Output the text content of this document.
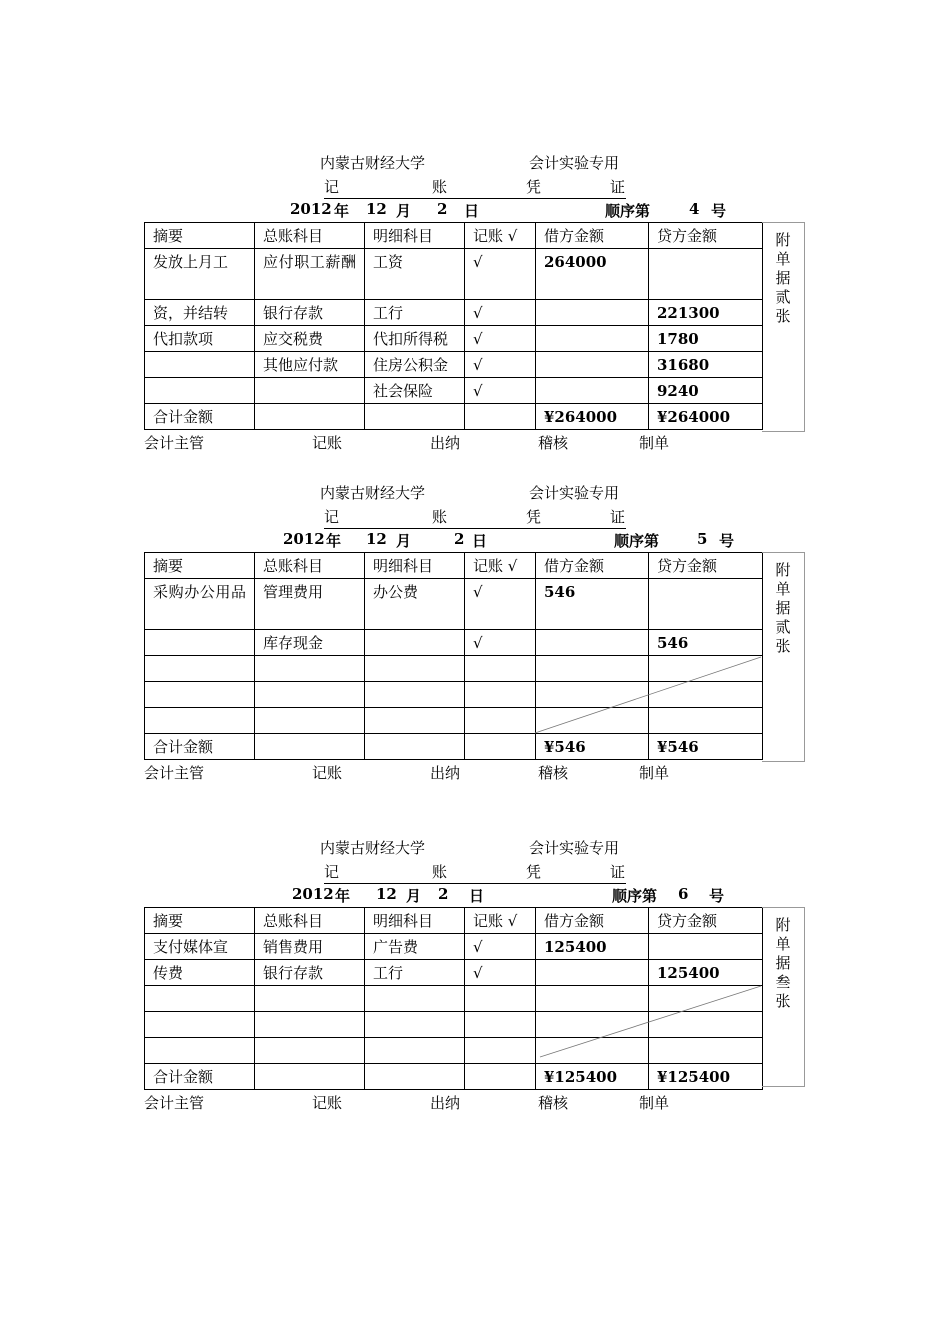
内蒙古财经大学	会计实验专用
记	账	凭	证
2012 年 12 月 2 日	顺序第	4 号
摘要	总账科目	明细科目	记账 √	借方金额	贷方金额
发放上月工	应付职工薪酬	工资	√	264000	
资，并结转	银行存款	工行	√		221300
代扣款项	应交税费	代扣所得税	√		1780
	其他应付款	住房公积金	√		31680
		社会保险	√		9240
合计金额				¥264000	¥264000
附
单
据
贰
张
会计主管	记账	出纳	稽核	制单
内蒙古财经大学	会计实验专用
记	账	凭	证
2012 年 12 月	2 日	顺序第	5 号
摘要	总账科目	明细科目	记账 √	借方金额	贷方金额
采购办公用品	管理费用	办公费	√	546	
	库存现金		√		546

合计金额				¥546	¥546
附
单
据
贰
张
会计主管	记账	出纳	稽核	制单
内蒙古财经大学	会计实验专用
记	账	凭	证
2012 年 12 月 2 日	顺序第 6 号
摘要	总账科目	明细科目	记账 √	借方金额	贷方金额
支付媒体宣	销售费用	广告费	√	125400	
传费	银行存款	工行	√		125400

合计金额				¥125400	¥125400
附
单
据
叁
张
会计主管	记账	出纳	稽核	制单
